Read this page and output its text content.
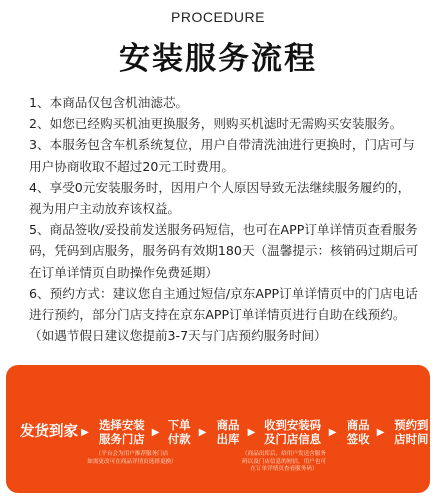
PROCEDURE
安装服务流程

1、本商品仅包含机油滤芯。

2、如您已经购买机油更换服务，则购买机滤时无需购买安装服务。

3、本服务包含车机系统复位，用户自带清洗油进行更换时，门店可与用户协商收取不超过20元工时费用。

4、享受0元安装服务时，因用户个人原因导致无法继续服务履约的，视为用户主动放弃该权益。

5、商品签收/妥投前发送服务码短信，也可在APP订单详情页查看服务码，凭码到店服务，服务码有效期180天（温馨提示：核销码过期后可在订单详情页自助操作免费延期）

6、预约方式：建议您自主通过短信/京东APP订单详情页中的门店电话进行预约，部分门店支持在京东APP订单详情页进行自助在线预约。（如遇节假日建议您提前3-7天与门店预约服务时间）

发货到家 ▶ 选择安装
服务门店 ▶ 下单
付款 ▶ 商品
出库 ▶ 收到安装码
及门店信息 ▶ 商品
签收 ▶ 预约到
店时间
（平台会为用户推荐服务门店
如需更改可在商品详情页选择更换）
（商品出库后，给用户发送含服务
码以及门店信息的短信，用户也可
在订单详情页查看服务码）
